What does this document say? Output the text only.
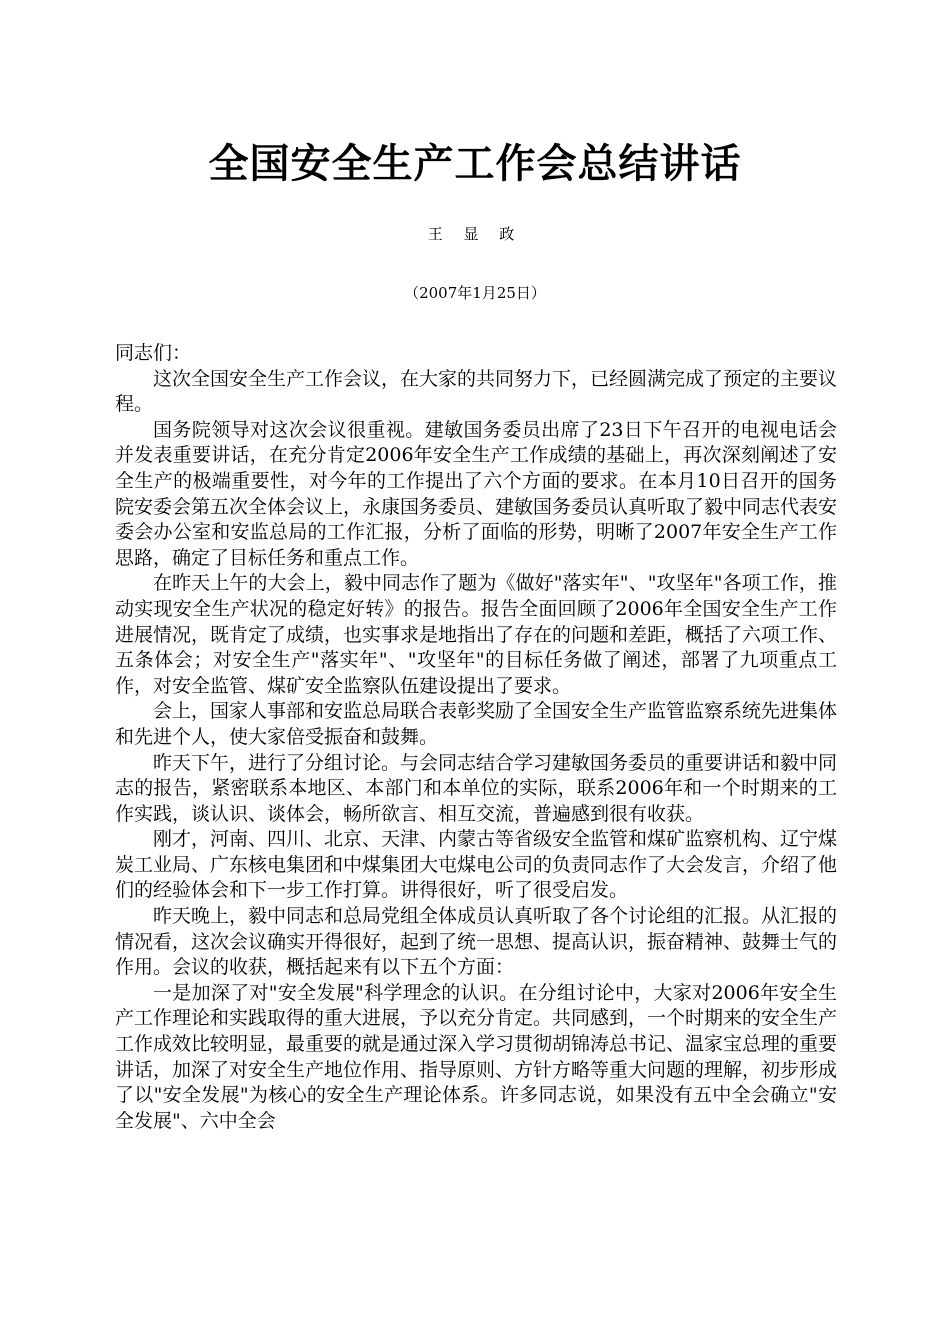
全国安全生产工作会总结讲话
王 显 政
（2007年1月25日）

同志们：

这次全国安全生产工作会议，在大家的共同努力下，已经圆满完成了预定的主要议程。

国务院领导对这次会议很重视。建敏国务委员出席了23日下午召开的电视电话会并发表重要讲话，在充分肯定2006年安全生产工作成绩的基础上，再次深刻阐述了安全生产的极端重要性，对今年的工作提出了六个方面的要求。在本月10日召开的国务院安委会第五次全体会议上，永康国务委员、建敏国务委员认真听取了毅中同志代表安委会办公室和安监总局的工作汇报，分析了面临的形势，明晰了2007年安全生产工作思路，确定了目标任务和重点工作。

在昨天上午的大会上，毅中同志作了题为《做好"落实年"、"攻坚年"各项工作，推动实现安全生产状况的稳定好转》的报告。报告全面回顾了2006年全国安全生产工作进展情况，既肯定了成绩，也实事求是地指出了存在的问题和差距，概括了六项工作、五条体会；对安全生产"落实年"、"攻坚年"的目标任务做了阐述，部署了九项重点工作，对安全监管、煤矿安全监察队伍建设提出了要求。

会上，国家人事部和安监总局联合表彰奖励了全国安全生产监管监察系统先进集体和先进个人，使大家倍受振奋和鼓舞。

昨天下午，进行了分组讨论。与会同志结合学习建敏国务委员的重要讲话和毅中同志的报告，紧密联系本地区、本部门和本单位的实际，联系2006年和一个时期来的工作实践，谈认识、谈体会，畅所欲言、相互交流，普遍感到很有收获。

刚才，河南、四川、北京、天津、内蒙古等省级安全监管和煤矿监察机构、辽宁煤炭工业局、广东核电集团和中煤集团大屯煤电公司的负责同志作了大会发言，介绍了他们的经验体会和下一步工作打算。讲得很好，听了很受启发。

昨天晚上，毅中同志和总局党组全体成员认真听取了各个讨论组的汇报。从汇报的情况看，这次会议确实开得很好，起到了统一思想、提高认识，振奋精神、鼓舞士气的作用。会议的收获，概括起来有以下五个方面：

一是加深了对"安全发展"科学理念的认识。在分组讨论中，大家对2006年安全生产工作理论和实践取得的重大进展，予以充分肯定。共同感到，一个时期来的安全生产工作成效比较明显，最重要的就是通过深入学习贯彻胡锦涛总书记、温家宝总理的重要讲话，加深了对安全生产地位作用、指导原则、方针方略等重大问题的理解，初步形成了以"安全发展"为核心的安全生产理论体系。许多同志说，如果没有五中全会确立"安全发展"、六中全会
